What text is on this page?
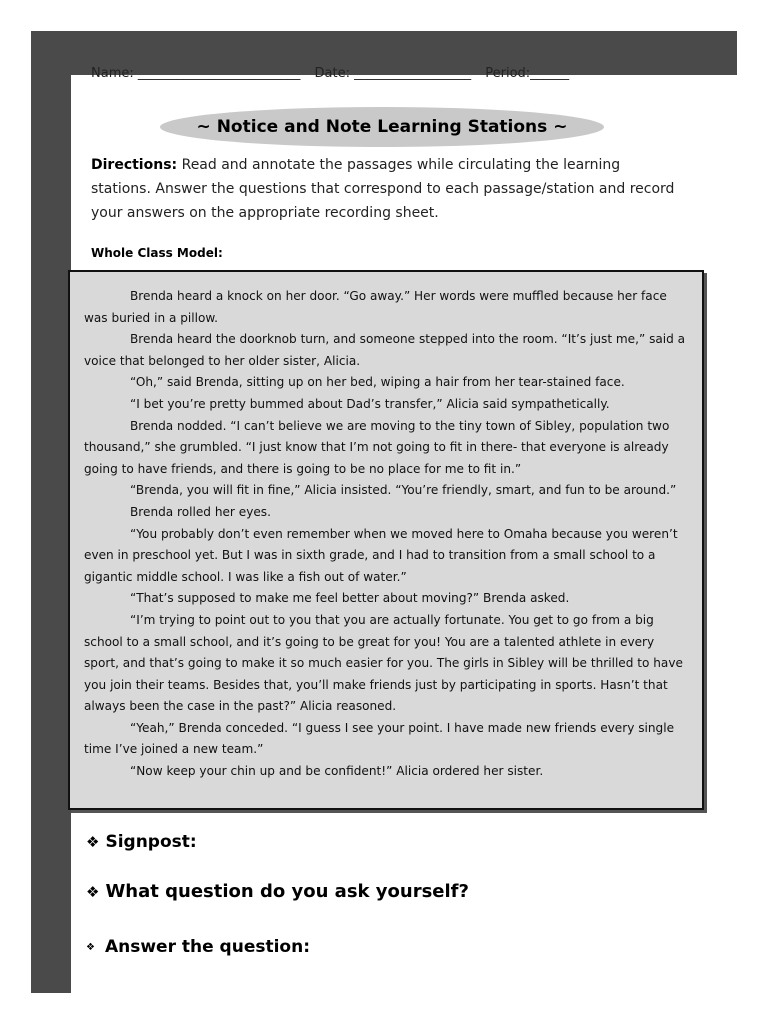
Name: _________________________ Date: __________________ Period:______
~ Notice and Note Learning Stations ~
Directions: Read and annotate the passages while circulating the learning stations. Answer the questions that correspond to each passage/station and record your answers on the appropriate recording sheet.
Whole Class Model:

Brenda heard a knock on her door. “Go away.” Her words were muffled because her face was buried in a pillow.

Brenda heard the doorknob turn, and someone stepped into the room. “It’s just me,” said a voice that belonged to her older sister, Alicia.

“Oh,” said Brenda, sitting up on her bed, wiping a hair from her tear-stained face.

“I bet you’re pretty bummed about Dad’s transfer,” Alicia said sympathetically.

Brenda nodded. “I can’t believe we are moving to the tiny town of Sibley, population two thousand,” she grumbled. “I just know that I’m not going to fit in there- that everyone is already going to have friends, and there is going to be no place for me to fit in.”

“Brenda, you will fit in fine,” Alicia insisted. “You’re friendly, smart, and fun to be around.”

Brenda rolled her eyes.

“You probably don’t even remember when we moved here to Omaha because you weren’t even in preschool yet. But I was in sixth grade, and I had to transition from a small school to a gigantic middle school. I was like a fish out of water.”

“That’s supposed to make me feel better about moving?” Brenda asked.

“I’m trying to point out to you that you are actually fortunate. You get to go from a big school to a small school, and it’s going to be great for you! You are a talented athlete in every sport, and that’s going to make it so much easier for you. The girls in Sibley will be thrilled to have you join their teams. Besides that, you’ll make friends just by participating in sports. Hasn’t that always been the case in the past?” Alicia reasoned.

“Yeah,” Brenda conceded. “I guess I see your point. I have made new friends every single time I’ve joined a new team.”

“Now keep your chin up and be confident!” Alicia ordered her sister.

❖ Signpost:
❖ What question do you ask yourself?
❖ Answer the question:
